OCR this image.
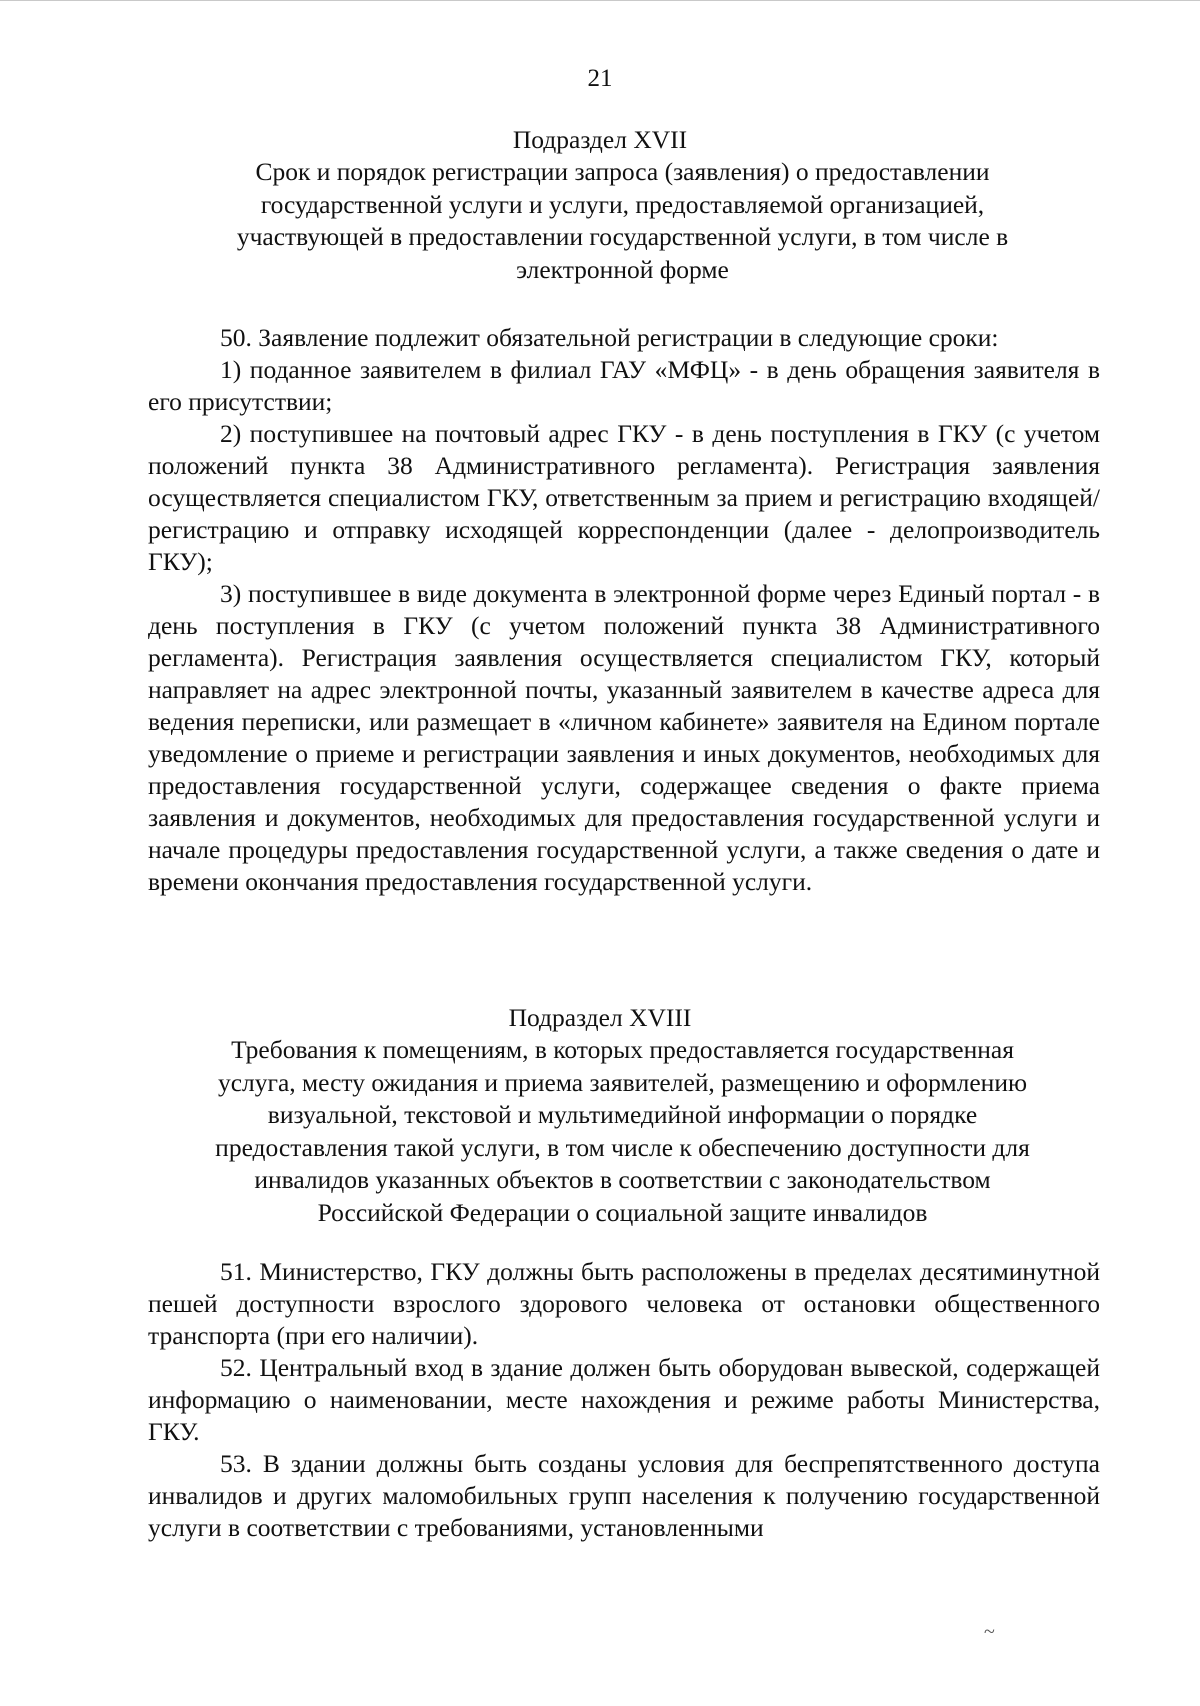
21
Подраздел XVII
Срок и порядок регистрации запроса (заявления) о предоставлении
государственной услуги и услуги, предоставляемой организацией,
участвующей в предоставлении государственной услуги, в том числе в
электронной форме

50. Заявление подлежит обязательной регистрации в следующие сроки:

1) поданное заявителем в филиал ГАУ «МФЦ» - в день обращения заявителя в его присутствии;

2) поступившее на почтовый адрес ГКУ - в день поступления в ГКУ (с учетом положений пункта 38 Административного регламента). Регистрация заявления осуществляется специалистом ГКУ, ответственным за прием и регистрацию входящей/регистрацию и отправку исходящей корреспонденции (далее - делопроизводитель ГКУ);

3) поступившее в виде документа в электронной форме через Единый портал - в день поступления в ГКУ (с учетом положений пункта 38 Административного регламента). Регистрация заявления осуществляется специалистом ГКУ, который направляет на адрес электронной почты, указанный заявителем в качестве адреса для ведения переписки, или размещает в «личном кабинете» заявителя на Едином портале уведомление о приеме и регистрации заявления и иных документов, необходимых для предоставления государственной услуги, содержащее сведения о факте приема заявления и документов, необходимых для предоставления государственной услуги и начале процедуры предоставления государственной услуги, а также сведения о дате и времени окончания предоставления государственной услуги.

Подраздел XVIII
Требования к помещениям, в которых предоставляется государственная
услуга, месту ожидания и приема заявителей, размещению и оформлению
визуальной, текстовой и мультимедийной информации о порядке
предоставления такой услуги, в том числе к обеспечению доступности для
инвалидов указанных объектов в соответствии с законодательством
Российской Федерации о социальной защите инвалидов

51. Министерство, ГКУ должны быть расположены в пределах десятиминутной пешей доступности взрослого здорового человека от остановки общественного транспорта (при его наличии).

52. Центральный вход в здание должен быть оборудован вывеской, содержащей информацию о наименовании, месте нахождения и режиме работы Министерства, ГКУ.

53. В здании должны быть созданы условия для беспрепятственного доступа инвалидов и других маломобильных групп населения к получению государственной услуги в соответствии с требованиями, установленными

~
